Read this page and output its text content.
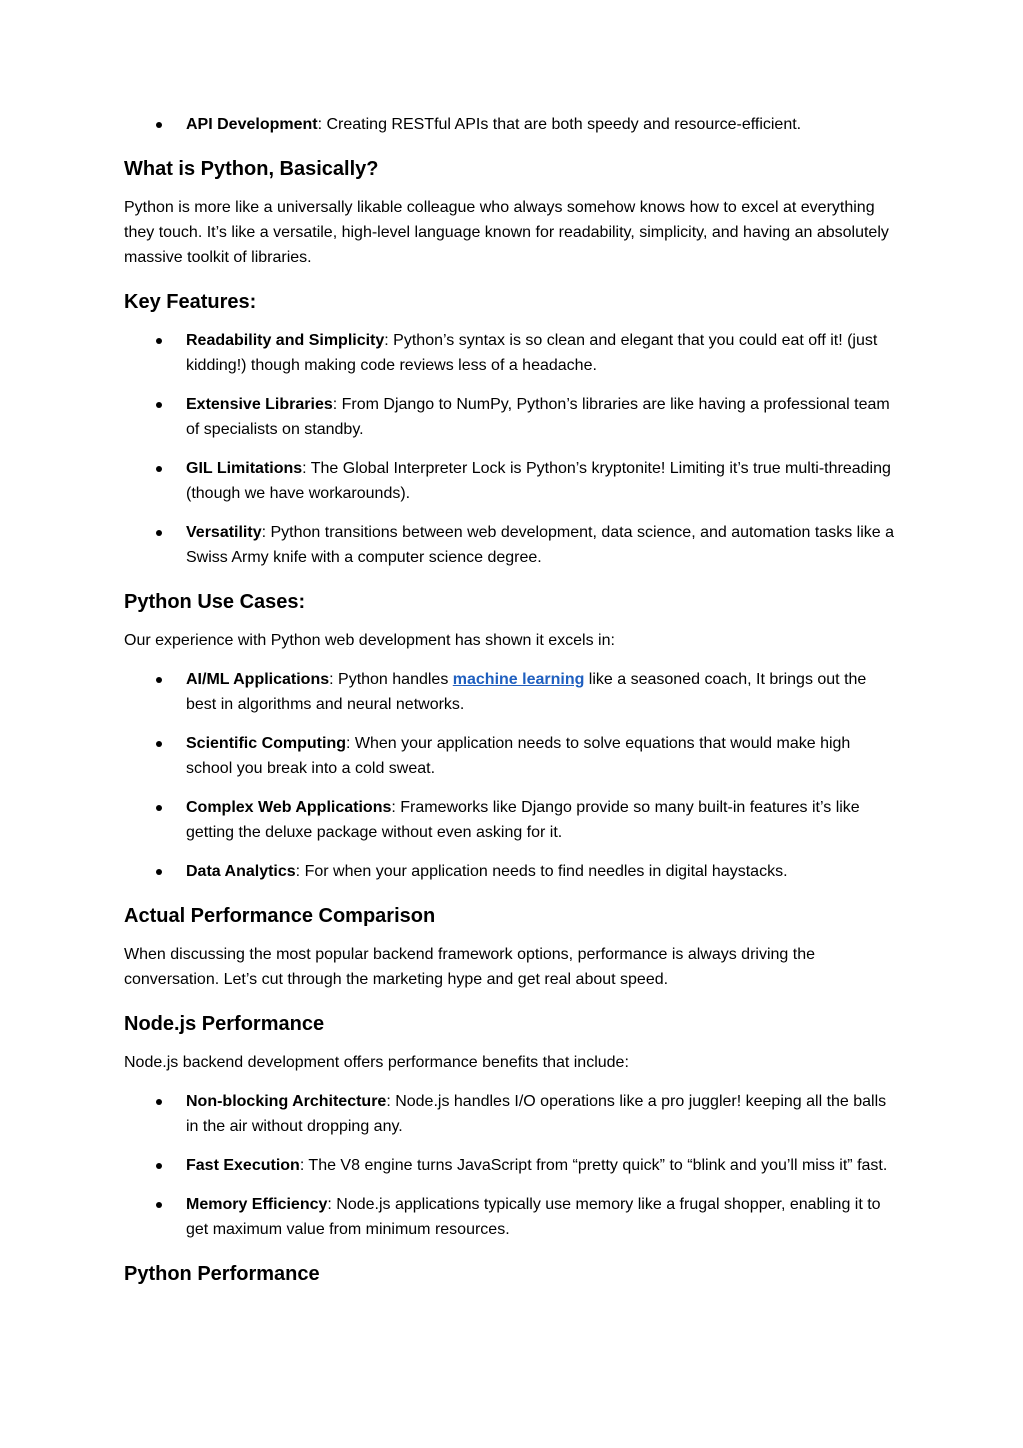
API Development: Creating RESTful APIs that are both speedy and resource-efficient.
What is Python, Basically?

Python is more like a universally likable colleague who always somehow knows how to excel at everything they touch. It’s like a versatile, high-level language known for readability, simplicity, and having an absolutely massive toolkit of libraries.

Key Features:
Readability and Simplicity: Python’s syntax is so clean and elegant that you could eat off it! (just kidding!) though making code reviews less of a headache.
Extensive Libraries: From Django to NumPy, Python’s libraries are like having a professional team of specialists on standby.
GIL Limitations: The Global Interpreter Lock is Python’s kryptonite! Limiting it’s true multi-threading (though we have workarounds).
Versatility: Python transitions between web development, data science, and automation tasks like a Swiss Army knife with a computer science degree.
Python Use Cases:

Our experience with Python web development has shown it excels in:

AI/ML Applications: Python handles machine learning like a seasoned coach, It brings out the best in algorithms and neural networks.
Scientific Computing: When your application needs to solve equations that would make high school you break into a cold sweat.
Complex Web Applications: Frameworks like Django provide so many built-in features it’s like getting the deluxe package without even asking for it.
Data Analytics: For when your application needs to find needles in digital haystacks.
Actual Performance Comparison

When discussing the most popular backend framework options, performance is always driving the conversation. Let’s cut through the marketing hype and get real about speed.

Node.js Performance

Node.js backend development offers performance benefits that include:

Non-blocking Architecture: Node.js handles I/O operations like a pro juggler! keeping all the balls in the air without dropping any.
Fast Execution: The V8 engine turns JavaScript from “pretty quick” to “blink and you’ll miss it” fast.
Memory Efficiency: Node.js applications typically use memory like a frugal shopper, enabling it to get maximum value from minimum resources.
Python Performance
